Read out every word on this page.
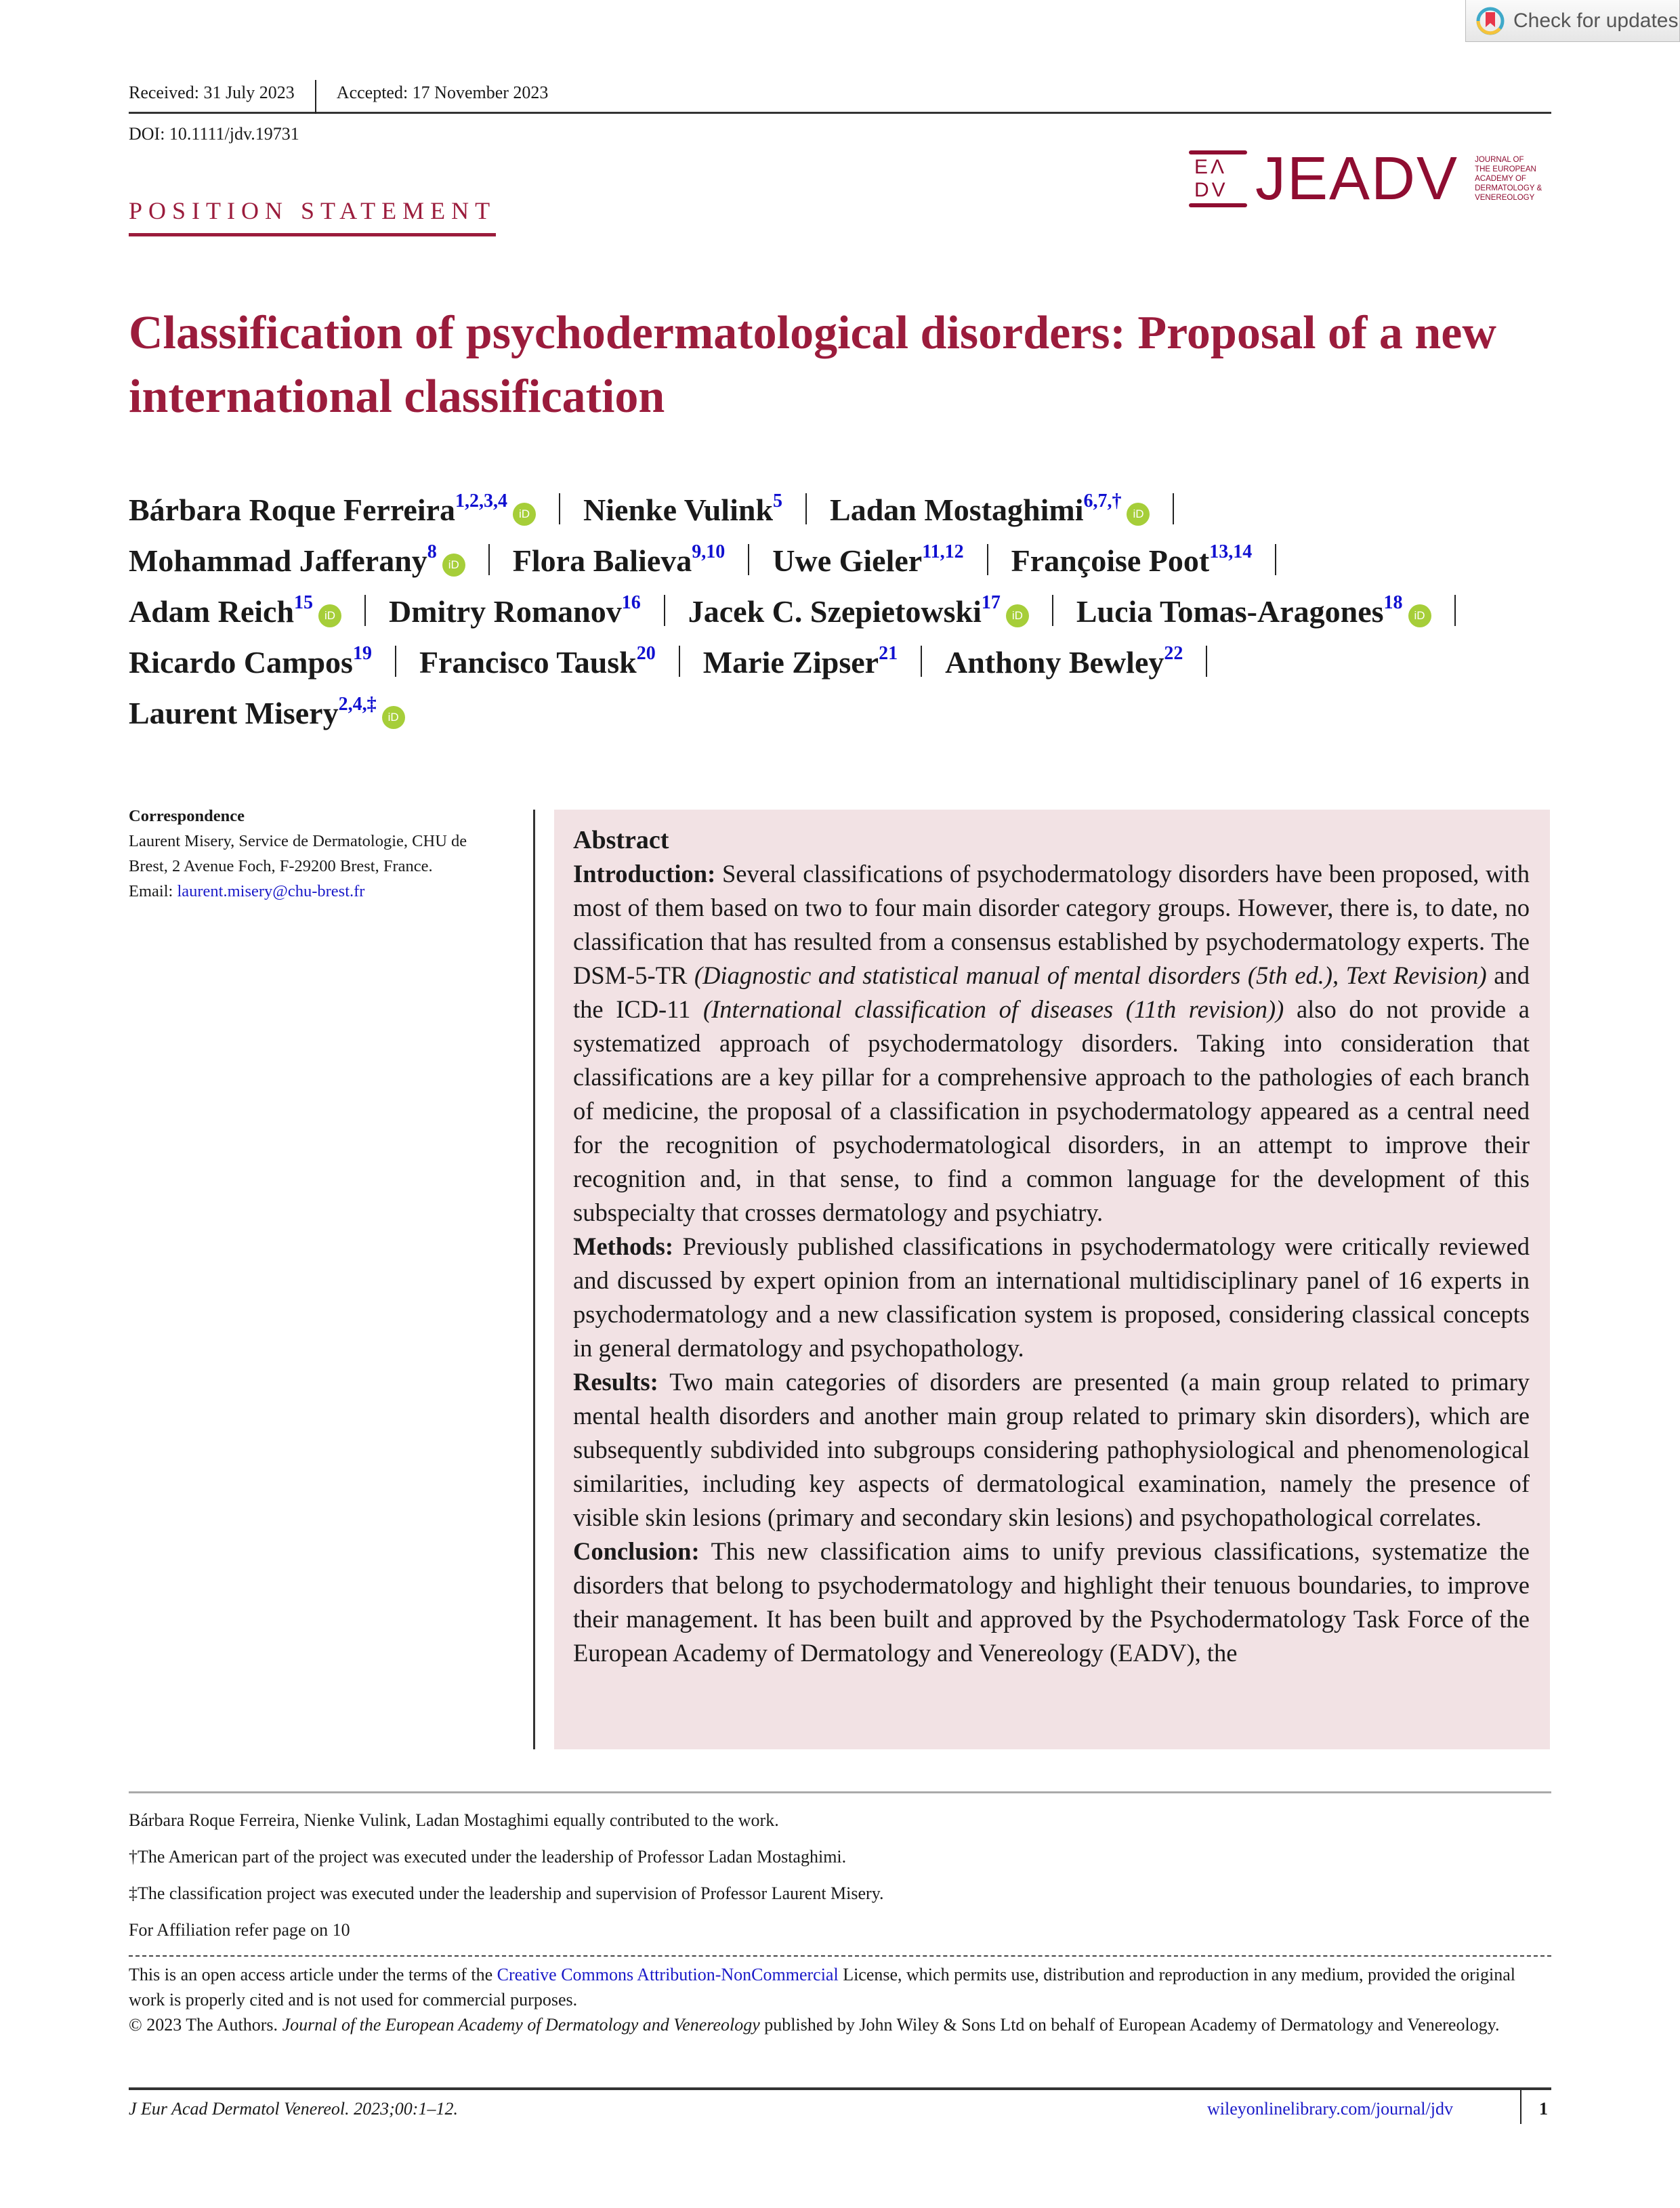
Check for updates
Received: 31 July 2023 Accepted: 17 November 2023
DOI: 10.1111/jdv.19731
POSITION STATEMENT
EΛ
DV JEADV JOURNAL OF
THE EUROPEAN
ACADEMY OF
DERMATOLOGY &
VENEREOLOGY
Classification of psychodermatological disorders: Proposal of a new international classification
Bárbara Roque Ferreira$^{1,2,3,4}$iD Nienke Vulink$^5$ Ladan Mostaghimi$^{6,7,\dagger}$iD
Mohammad Jafferany$^8$iD Flora Balieva$^{9,10}$ Uwe Gieler$^{11,12}$ Françoise Poot$^{13,14}$
Adam Reich$^{15}$iD Dmitry Romanov$^{16}$ Jacek C. Szepietowski$^{17}$iD Lucia Tomas-Aragones$^{18}$iD
Ricardo Campos$^{19}$ Francisco Tausk$^{20}$ Marie Zipser$^{21}$ Anthony Bewley$^{22}$
Laurent Misery$^{2,4,\ddagger}$iD
Correspondence
Laurent Misery, Service de Dermatologie, CHU de Brest, 2 Avenue Foch, F-29200 Brest, France.
Email: laurent.misery@chu-brest.fr
Abstract

Introduction: Several classifications of psychodermatology disorders have been proposed, with most of them based on two to four main disorder category groups. However, there is, to date, no classification that has resulted from a consensus established by psychodermatology experts. The DSM-5-TR (Diagnostic and statistical manual of mental disorders (5th ed.), Text Revision) and the ICD-11 (International classification of diseases (11th revision)) also do not provide a systematized approach of psychodermatology disorders. Taking into consideration that classifications are a key pillar for a comprehensive approach to the pathologies of each branch of medicine, the proposal of a classification in psychodermatology appeared as a central need for the recognition of psychodermatological disorders, in an attempt to improve their recognition and, in that sense, to find a common language for the development of this subspecialty that crosses dermatology and psychiatry.

Methods: Previously published classifications in psychodermatology were critically reviewed and discussed by expert opinion from an international multidisciplinary panel of 16 experts in psychodermatology and a new classification system is proposed, considering classical concepts in general dermatology and psychopathology.

Results: Two main categories of disorders are presented (a main group related to primary mental health disorders and another main group related to primary skin disorders), which are subsequently subdivided into subgroups considering pathophysiological and phenomenological similarities, including key aspects of dermatological examination, namely the presence of visible skin lesions (primary and secondary skin lesions) and psychopathological correlates.

Conclusion: This new classification aims to unify previous classifications, systematize the disorders that belong to psychodermatology and highlight their tenuous boundaries, to improve their management. It has been built and approved by the Psychodermatology Task Force of the European Academy of Dermatology and Venereology (EADV), the

Bárbara Roque Ferreira, Nienke Vulink, Ladan Mostaghimi equally contributed to the work.
†The American part of the project was executed under the leadership of Professor Ladan Mostaghimi.
‡The classification project was executed under the leadership and supervision of Professor Laurent Misery.
For Affiliation refer page on 10
This is an open access article under the terms of the Creative Commons Attribution-NonCommercial License, which permits use, distribution and reproduction in any medium, provided the original work is properly cited and is not used for commercial purposes.
© 2023 The Authors. Journal of the European Academy of Dermatology and Venereology published by John Wiley & Sons Ltd on behalf of European Academy of Dermatology and Venereology.
J Eur Acad Dermatol Venereol. 2023;00:1–12.	wileyonlinelibrary.com/journal/jdv	1
